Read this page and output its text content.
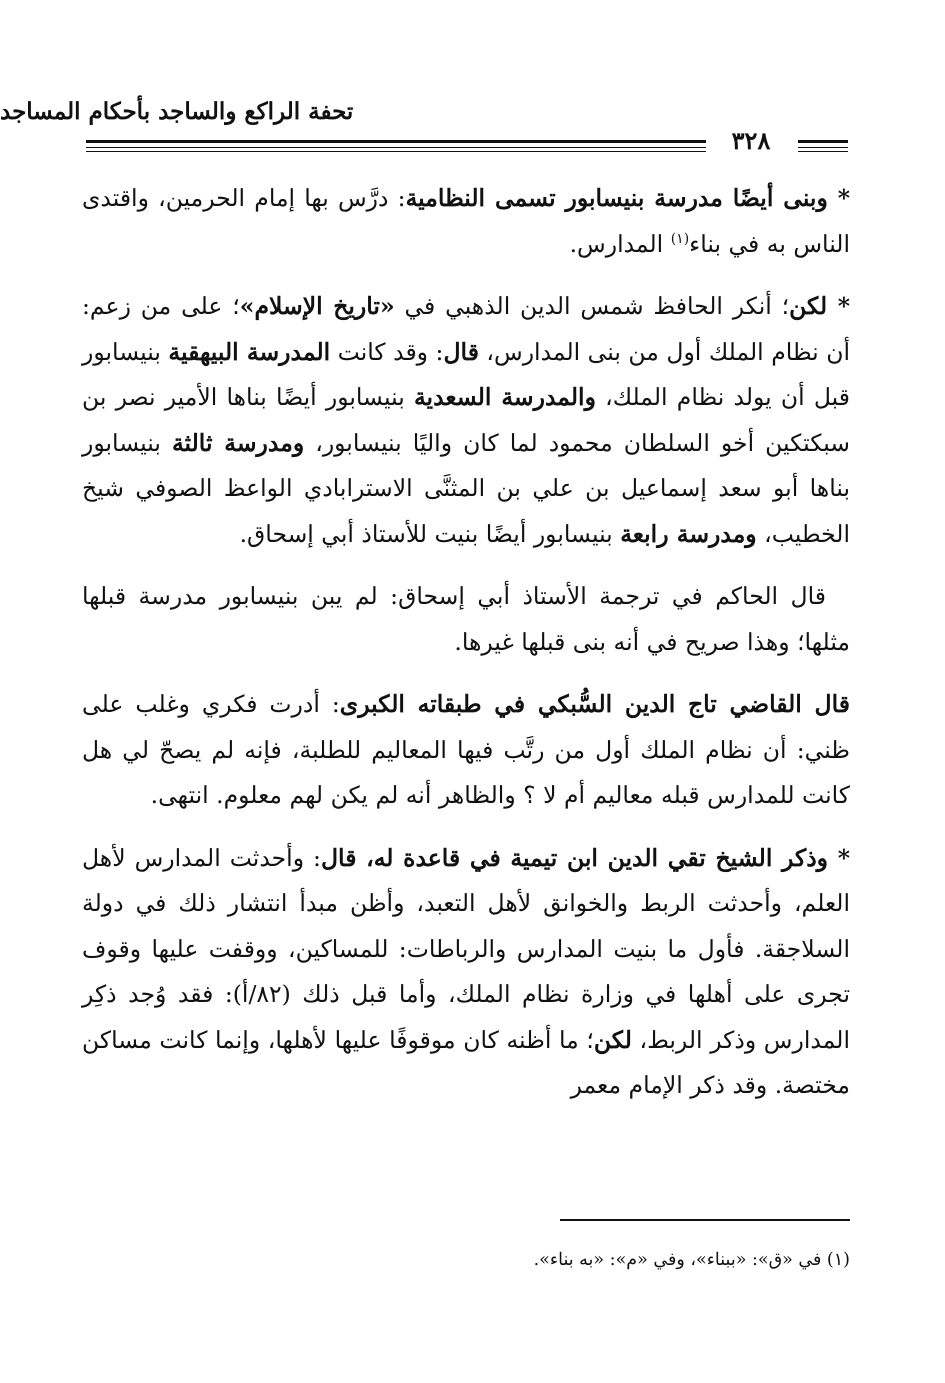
تحفة الراكع والساجد بأحكام المساجد
٣٢٨

* وبنى أيضًا مدرسة بنيسابور تسمى النظامية: درَّس بها إمام الحرمين، واقتدى الناس به في بناء$^{(١)}$ المدارس.

* لكن؛ أنكر الحافظ شمس الدين الذهبي في «تاريخ الإسلام»؛ على من زعم: أن نظام الملك أول من بنى المدارس، قال: وقد كانت المدرسة البيهقية بنيسابور قبل أن يولد نظام الملك، والمدرسة السعدية بنيسابور أيضًا بناها الأمير نصر بن سبكتكين أخو السلطان محمود لما كان واليًا بنيسابور، ومدرسة ثالثة بنيسابور بناها أبو سعد إسماعيل بن علي بن المثنَّى الاسترابادي الواعظ الصوفي شيخ الخطيب، ومدرسة رابعة بنيسابور أيضًا بنيت للأستاذ أبي إسحاق.

قال الحاكم في ترجمة الأستاذ أبي إسحاق: لم يبن بنيسابور مدرسة قبلها مثلها؛ وهذا صريح في أنه بنى قبلها غيرها.

قال القاضي تاج الدين السُّبكي في طبقاته الكبرى: أدرت فكري وغلب على ظني: أن نظام الملك أول من رتَّب فيها المعاليم للطلبة، فإنه لم يصحّ لي هل كانت للمدارس قبله معاليم أم لا ؟ والظاهر أنه لم يكن لهم معلوم. انتهى.

* وذكر الشيخ تقي الدين ابن تيمية في قاعدة له، قال: وأحدثت المدارس لأهل العلم، وأحدثت الربط والخوانق لأهل التعبد، وأظن مبدأ انتشار ذلك في دولة السلاجقة. فأول ما بنيت المدارس والرباطات: للمساكين، ووقفت عليها وقوف تجرى على أهلها في وزارة نظام الملك، وأما قبل ذلك (٨٢/أ): فقد وُجد ذكِر المدارس وذكر الربط، لكن؛ ما أظنه كان موقوفًا عليها لأهلها، وإنما كانت مساكن مختصة. وقد ذكر الإمام معمر

(١) في «ق»: «ببناء»، وفي «م»: «به بناء».
